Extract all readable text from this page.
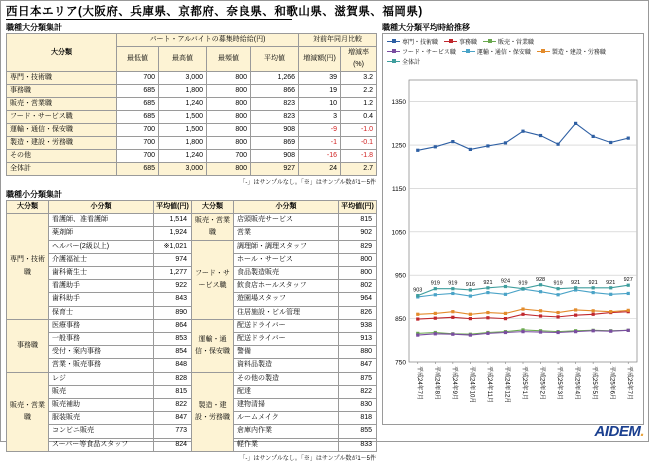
西日本エリア(大阪府、兵庫県、京都府、奈良県、和歌山県、滋賀県、福岡県)
職種大分類集計
大分類	パート・アルバイトの募集時給給(円)				対前年同月比較	
	最低値	最高値	最頻値	平均値	増減額(円)	増減率(%)
専門・技術職	700	3,000	800	1,266	39	3.2
事務職	685	1,800	800	866	19	2.2
販売・営業職	685	1,240	800	823	10	1.2
フード・サービス職	685	1,500	800	823	3	0.4
運輸・通信・保安職	700	1,500	800	908	-9	-1.0
製造・建設・労務職	700	1,800	800	869	-1	-0.1
その他	700	1,240	700	908	-16	-1.8
全体計	685	3,000	800	927	24	2.7
「-」はサンプルなし。「※」はサンプル数が1～5件
職種小分類集計
大分類	小分類	平均値(円)	大分類	小分類	平均値(円)
専門・技術職	看護師、准看護師	1,514	販売・営業職	店頭販売サービス	815
	薬剤師	1,924		営業	902
	ヘルパー(2級以上)	※1,021	フード・サービス職	調理師・調理スタッフ	829
	介護福祉士	974		ホール・サービス	800
	歯科衛生士	1,277		食品製造販売	800
	看護助手	922		飲食店ホールスタッフ	802
	歯科助手	843		遊園場スタッフ	964
	保育士	890		住居施設・ビル管理	826
事務職	医療事務	864	運輸・通信・保安職	配送ドライバー	938
	一般事務	853		配送ドライバー	913
	受付・案内事務	854		警備	880
	営業・販売事務	848		資料品製造	847
販売・営業職	レジ	828	製造・建設・労務職	その他の製造	875
	販売	815		配達	822
	販売補助	822		建物清掃	830
	服装販売	847		ルームメイク	818
	コンビニ販売	773		倉庫内作業	855
	スーパー等食品スタッフ	824		軽作業	833
「-」はサンプルなし。「※」はサンプル数が1～5件
職種大分類平均時給推移
専門・技術職	事務職	販売・営業職
フード・サービス職	運輸・通信・保安職	製造・建設・労務職
全体計
750
850
950
1050
1150
1250
1350
平成24年7月	平成24年8月	平成24年9月	平成24年10月	平成24年11月	平成24年12月	平成25年1月	平成25年2月	平成25年3月	平成25年4月	平成25年5月	平成25年6月	平成25年7月
903
919 919 916 921 924 919
928
919 921 921 921 927
AIDEM.
